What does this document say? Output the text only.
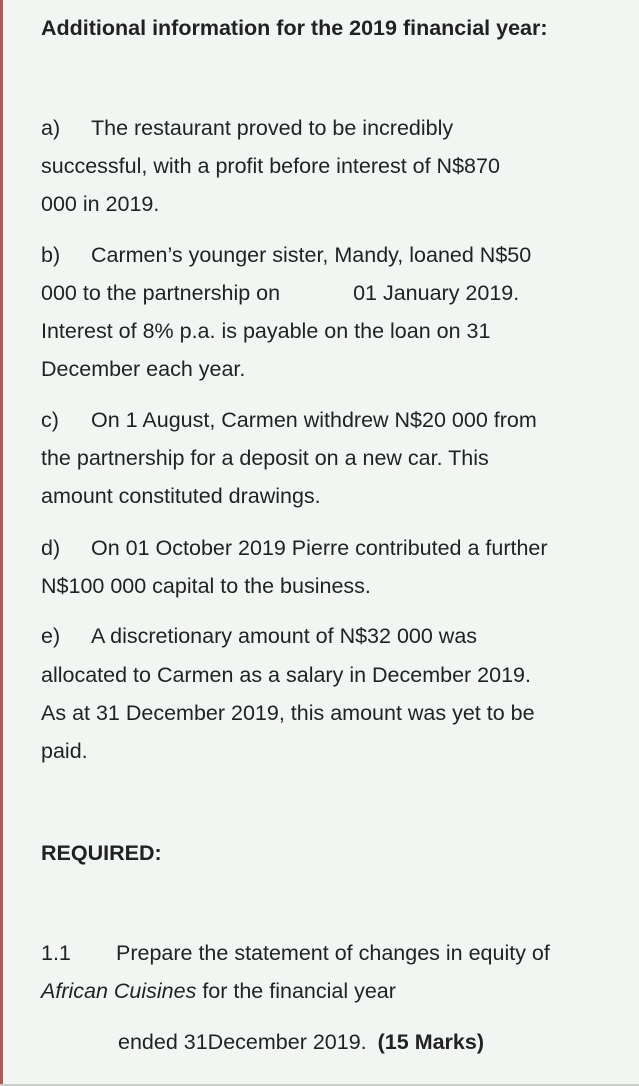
Additional information for the 2019 financial year:
a) The restaurant proved to be incredibly
successful, with a profit before interest of N$870
000 in 2019.
b) Carmen’s younger sister, Mandy, loaned N$50
000 to the partnership on	01 January 2019.
Interest of 8% p.a. is payable on the loan on 31
December each year.
c) On 1 August, Carmen withdrew N$20 000 from
the partnership for a deposit on a new car. This
amount constituted drawings.
d) On 01 October 2019 Pierre contributed a further
N$100 000 capital to the business.
e) A discretionary amount of N$32 000 was
allocated to Carmen as a salary in December 2019.
As at 31 December 2019, this amount was yet to be
paid.
REQUIRED:
1.1 Prepare the statement of changes in equity of
African Cuisines for the financial year
ended 31December 2019. (15 Marks)
